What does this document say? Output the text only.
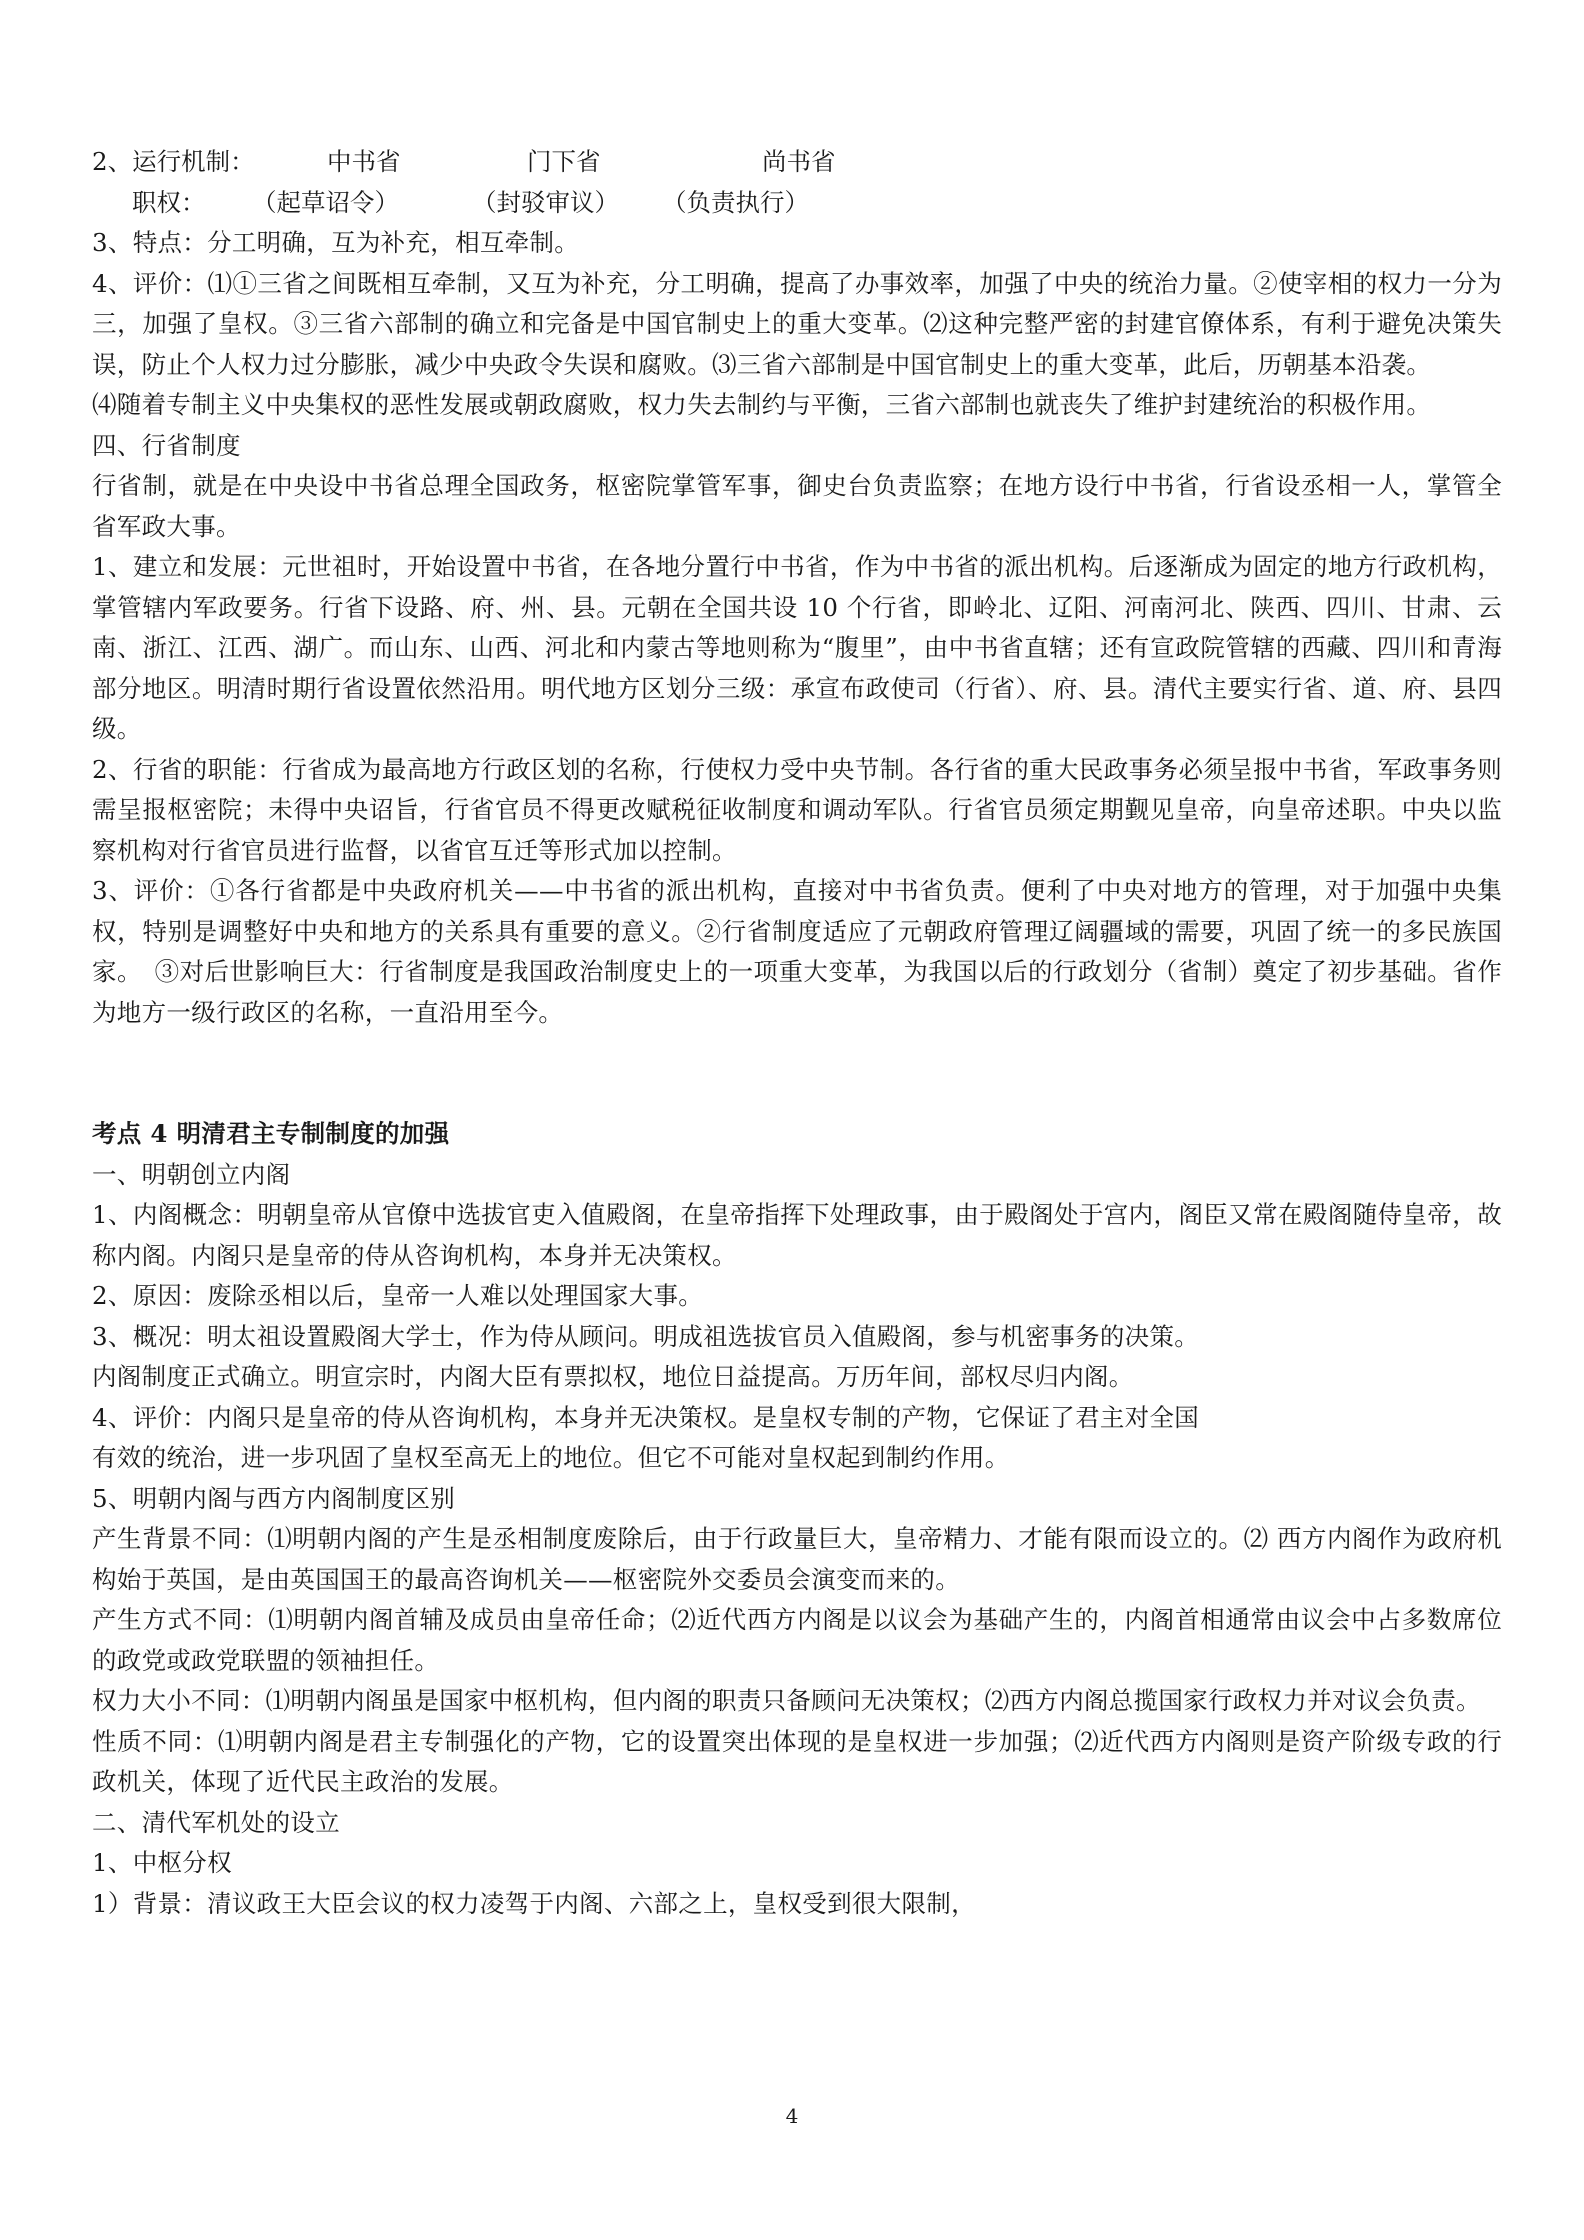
2、运行机制：	中书省	门下省	尚书省
职权：	（起草诏令）	（封驳审议）	（负责执行）

3、特点：分工明确，互为补充，相互牵制。

4、评价：⑴①三省之间既相互牵制，又互为补充，分工明确，提高了办事效率，加强了中央的统治力量。②使宰相的权力一分为三，加强了皇权。③三省六部制的确立和完备是中国官制史上的重大变革。⑵这种完整严密的封建官僚体系，有利于避免决策失误，防止个人权力过分膨胀，减少中央政令失误和腐败。⑶三省六部制是中国官制史上的重大变革，此后，历朝基本沿袭。

⑷随着专制主义中央集权的恶性发展或朝政腐败，权力失去制约与平衡，三省六部制也就丧失了维护封建统治的积极作用。

四、行省制度

行省制，就是在中央设中书省总理全国政务，枢密院掌管军事，御史台负责监察；在地方设行中书省，行省设丞相一人，掌管全省军政大事。

1、建立和发展：元世祖时，开始设置中书省，在各地分置行中书省，作为中书省的派出机构。后逐渐成为固定的地方行政机构，掌管辖内军政要务。行省下设路、府、州、县。元朝在全国共设 10 个行省，即岭北、辽阳、河南河北、陕西、四川、甘肃、云南、浙江、江西、湖广。而山东、山西、河北和内蒙古等地则称为“腹里”，由中书省直辖；还有宣政院管辖的西藏、四川和青海部分地区。明清时期行省设置依然沿用。明代地方区划分三级：承宣布政使司（行省）、府、县。清代主要实行省、道、府、县四级。

2、行省的职能：行省成为最高地方行政区划的名称，行使权力受中央节制。各行省的重大民政事务必须呈报中书省，军政事务则需呈报枢密院；未得中央诏旨，行省官员不得更改赋税征收制度和调动军队。行省官员须定期觐见皇帝，向皇帝述职。中央以监察机构对行省官员进行监督，以省官互迁等形式加以控制。

3、评价：①各行省都是中央政府机关——中书省的派出机构，直接对中书省负责。便利了中央对地方的管理，对于加强中央集权，特别是调整好中央和地方的关系具有重要的意义。②行省制度适应了元朝政府管理辽阔疆域的需要，巩固了统一的多民族国家。　③对后世影响巨大：行省制度是我国政治制度史上的一项重大变革，为我国以后的行政划分（省制）奠定了初步基础。省作为地方一级行政区的名称，一直沿用至今。

考点 4 明清君主专制制度的加强

一、明朝创立内阁

1、内阁概念：明朝皇帝从官僚中选拔官吏入值殿阁，在皇帝指挥下处理政事，由于殿阁处于宫内，阁臣又常在殿阁随侍皇帝，故称内阁。内阁只是皇帝的侍从咨询机构，本身并无决策权。

2、原因：废除丞相以后，皇帝一人难以处理国家大事。

3、概况：明太祖设置殿阁大学士，作为侍从顾问。明成祖选拔官员入值殿阁，参与机密事务的决策。

内阁制度正式确立。明宣宗时，内阁大臣有票拟权，地位日益提高。万历年间，部权尽归内阁。

4、评价：内阁只是皇帝的侍从咨询机构，本身并无决策权。是皇权专制的产物，它保证了君主对全国

有效的统治，进一步巩固了皇权至高无上的地位。但它不可能对皇权起到制约作用。

5、明朝内阁与西方内阁制度区别

产生背景不同：⑴明朝内阁的产生是丞相制度废除后，由于行政量巨大，皇帝精力、才能有限而设立的。⑵ 西方内阁作为政府机构始于英国，是由英国国王的最高咨询机关——枢密院外交委员会演变而来的。

产生方式不同：⑴明朝内阁首辅及成员由皇帝任命；⑵近代西方内阁是以议会为基础产生的，内阁首相通常由议会中占多数席位的政党或政党联盟的领袖担任。

权力大小不同：⑴明朝内阁虽是国家中枢机构，但内阁的职责只备顾问无决策权；⑵西方内阁总揽国家行政权力并对议会负责。

性质不同：⑴明朝内阁是君主专制强化的产物，它的设置突出体现的是皇权进一步加强；⑵近代西方内阁则是资产阶级专政的行政机关，体现了近代民主政治的发展。

二、清代军机处的设立

1、中枢分权

1）背景：清议政王大臣会议的权力凌驾于内阁、六部之上，皇权受到很大限制，

4
